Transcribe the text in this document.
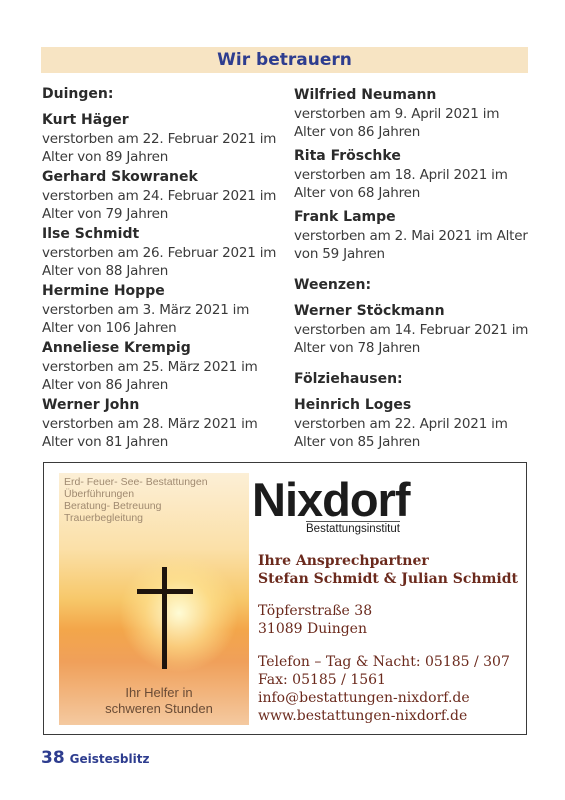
Wir betrauern
Duingen:
Kurt Häger
verstorben am 22. Februar 2021 im
Alter von 89 Jahren
Gerhard Skowranek
verstorben am 24. Februar 2021 im
Alter von 79 Jahren
Ilse Schmidt
verstorben am 26. Februar 2021 im
Alter von 88 Jahren
Hermine Hoppe
verstorben am 3. März 2021 im
Alter von 106 Jahren
Anneliese Krempig
verstorben am 25. März 2021 im
Alter von 86 Jahren
Werner John
verstorben am 28. März 2021 im
Alter von 81 Jahren
Wilfried Neumann
verstorben am 9. April 2021 im
Alter von 86 Jahren
Rita Fröschke
verstorben am 18. April 2021 im
Alter von 68 Jahren
Frank Lampe
verstorben am 2. Mai 2021 im Alter
von 59 Jahren
Weenzen:
Werner Stöckmann
verstorben am 14. Februar 2021 im
Alter von 78 Jahren
Fölziehausen:
Heinrich Loges
verstorben am 22. April 2021 im
Alter von 85 Jahren
Erd- Feuer- See- Bestattungen
Überführungen
Beratung- Betreuung
Trauerbegleitung
Ihr Helfer in
schweren Stunden
Nixdorf
Bestattungsinstitut
Ihre Ansprechpartner
Stefan Schmidt & Julian Schmidt
Töpferstraße 38
31089 Duingen
Telefon – Tag & Nacht: 05185 / 307
Fax: 05185 / 1561
info@bestattungen-nixdorf.de
www.bestattungen-nixdorf.de
38 Geistesblitz
